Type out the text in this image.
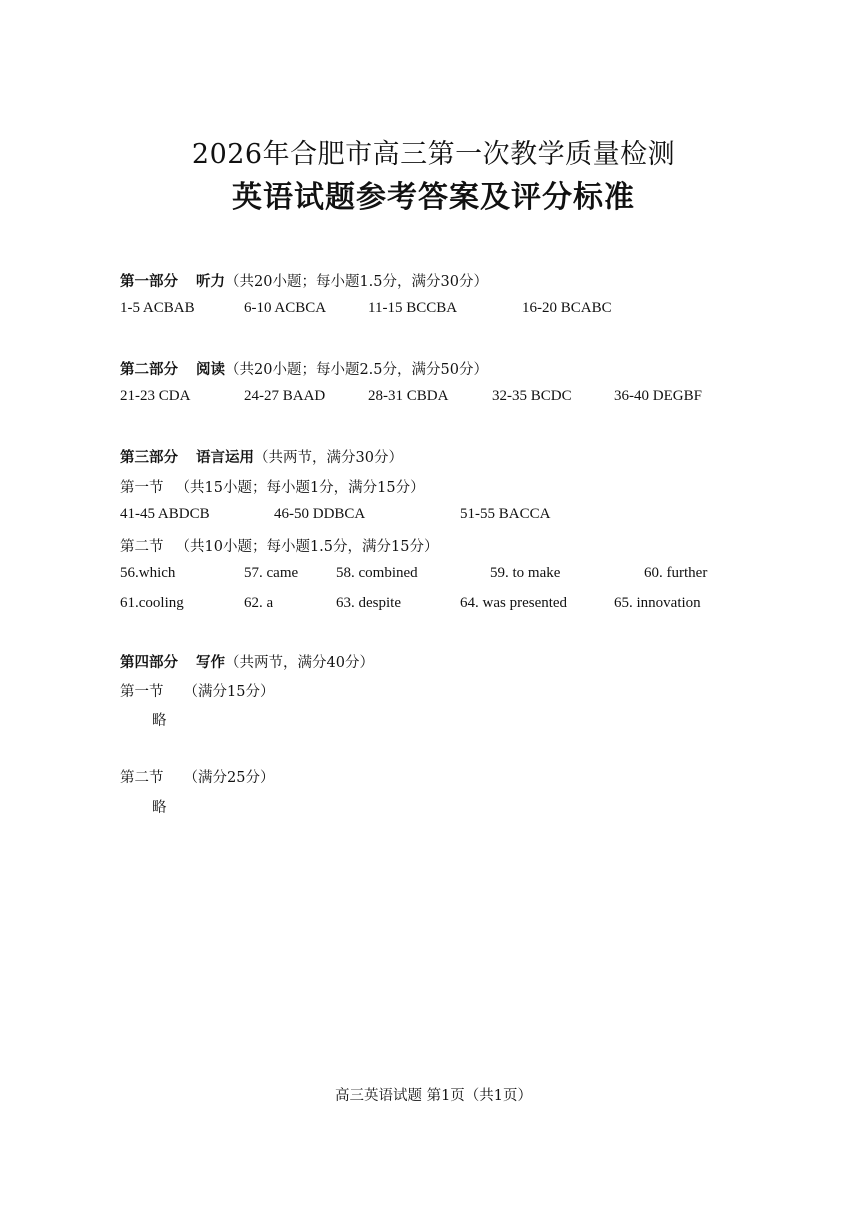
2026年合肥市高三第一次教学质量检测
英语试题参考答案及评分标准
第一部分 听力（共20小题；每小题1.5分，满分30分）
1-5 ACBAB	6-10 ACBCA	11-15 BCCBA	16-20 BCABC
第二部分 阅读（共20小题；每小题2.5分，满分50分）
21-23 CDA	24-27 BAAD	28-31 CBDA	32-35 BCDC	36-40 DEGBF
第三部分 语言运用（共两节，满分30分）
第一节 （共15小题；每小题1分，满分15分）
41-45 ABDCB	46-50 DDBCA	51-55 BACCA
第二节 （共10小题；每小题1.5分，满分15分）
56.which	57. came	58. combined	59. to make	60. further
61.cooling	62. a	63. despite	64. was presented	65. innovation
第四部分 写作（共两节，满分40分）
第一节 （满分15分）
略
第二节 （满分25分）
略
高三英语试题 第1页（共1页）
